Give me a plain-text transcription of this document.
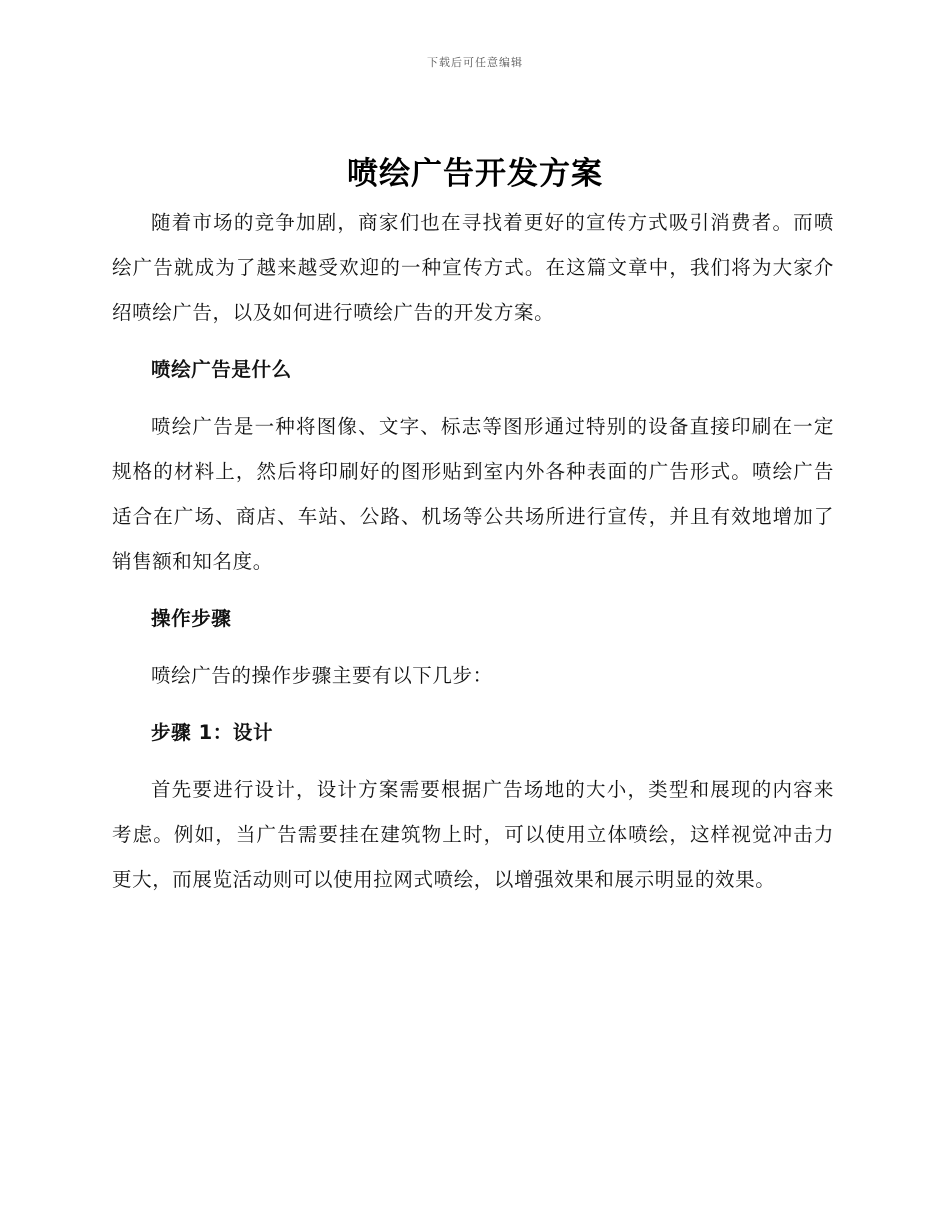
下载后可任意编辑
喷绘广告开发方案

随着市场的竞争加剧，商家们也在寻找着更好的宣传方式吸引消费者。而喷绘广告就成为了越来越受欢迎的一种宣传方式。在这篇文章中，我们将为大家介绍喷绘广告，以及如何进行喷绘广告的开发方案。

喷绘广告是什么

喷绘广告是一种将图像、文字、标志等图形通过特别的设备直接印刷在一定规格的材料上，然后将印刷好的图形贴到室内外各种表面的广告形式。喷绘广告适合在广场、商店、车站、公路、机场等公共场所进行宣传，并且有效地增加了销售额和知名度。

操作步骤

喷绘广告的操作步骤主要有以下几步：

步骤 1：设计

首先要进行设计，设计方案需要根据广告场地的大小，类型和展现的内容来考虑。例如，当广告需要挂在建筑物上时，可以使用立体喷绘，这样视觉冲击力更大，而展览活动则可以使用拉网式喷绘，以增强效果和展示明显的效果。
